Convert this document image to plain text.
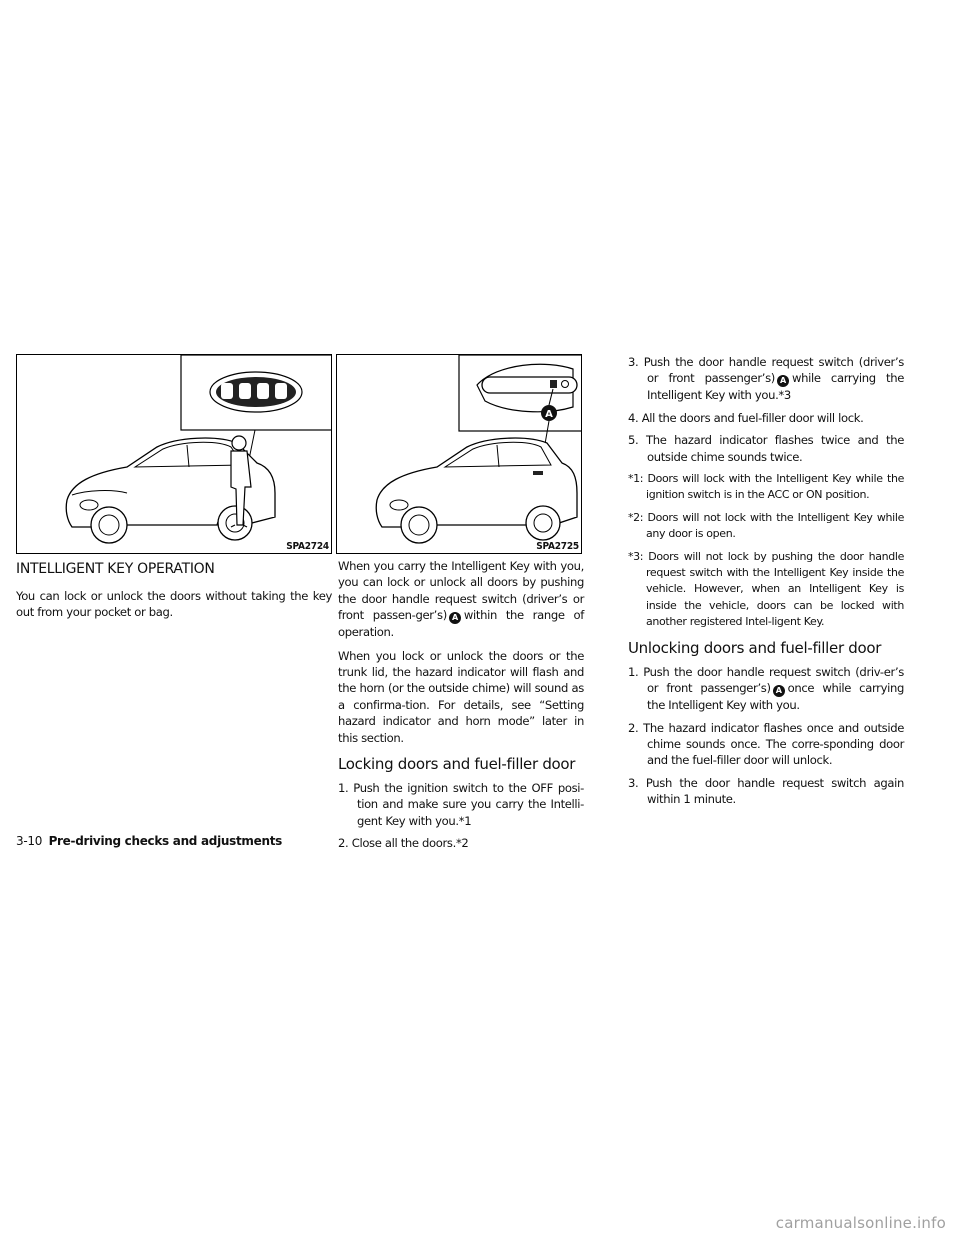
SPA2724
A
SPA2725
INTELLIGENT KEY OPERATION
You can lock or unlock the doors without taking the key out from your pocket or bag.

When you carry the Intelligent Key with you, you can lock or unlock all doors by pushing the door handle request switch (driver’s or front passen-ger’s) A within the range of operation.

When you lock or unlock the doors or the trunk lid, the hazard indicator will flash and the horn (or the outside chime) will sound as a confirma-tion. For details, see “Setting hazard indicator and horn mode” later in this section.

Locking doors and fuel-filler door
1. Push the ignition switch to the OFF posi-tion and make sure you carry the Intelli-gent Key with you.*1
2. Close all the doors.*2
3. Push the door handle request switch (driver’s or front passenger’s) A while carrying the Intelligent Key with you.*3
4. All the doors and fuel-filler door will lock.
5. The hazard indicator flashes twice and the outside chime sounds twice.
*1: Doors will lock with the Intelligent Key while the ignition switch is in the ACC or ON position.
*2: Doors will not lock with the Intelligent Key while any door is open.
*3: Doors will not lock by pushing the door handle request switch with the Intelligent Key inside the vehicle. However, when an Intelligent Key is inside the vehicle, doors can be locked with another registered Intel-ligent Key.
Unlocking doors and fuel-filler door
1. Push the door handle request switch (driv-er’s or front passenger’s) A once while carrying the Intelligent Key with you.
2. The hazard indicator flashes once and outside chime sounds once. The corre-sponding door and the fuel-filler door will unlock.
3. Push the door handle request switch again within 1 minute.
3-10 Pre-driving checks and adjustments
carmanualsonline.info
